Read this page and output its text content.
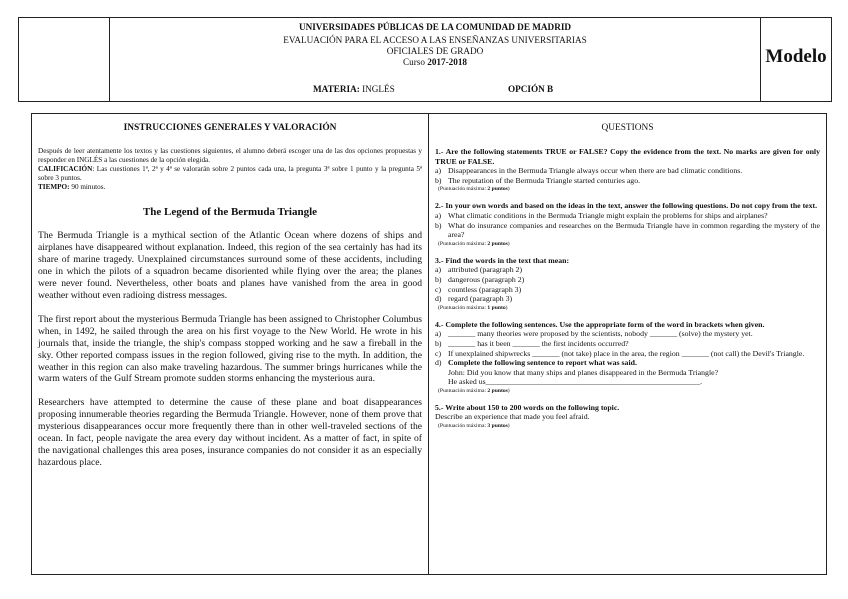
UNIVERSIDADES PÚBLICAS DE LA COMUNIDAD DE MADRID
EVALUACIÓN PARA EL ACCESO A LAS ENSEÑANZAS UNIVERSITARIAS
OFICIALES DE GRADO
Curso 2017-2018
MATERIA: INGLÉS	OPCIÓN B
Modelo
INSTRUCCIONES GENERALES Y VALORACIÓN
Después de leer atentamente los textos y las cuestiones siguientes, el alumno deberá escoger una de las dos opciones propuestas y responder en INGLÉS a las cuestiones de la opción elegida.
CALIFICACIÓN: Las cuestiones 1ª, 2ª y 4ª se valorarán sobre 2 puntos cada una, la pregunta 3ª sobre 1 punto y la pregunta 5ª sobre 3 puntos.
TIEMPO: 90 minutos.
The Legend of the Bermuda Triangle

The Bermuda Triangle is a mythical section of the Atlantic Ocean where dozens of ships and airplanes have disappeared without explanation. Indeed, this region of the sea certainly has had its share of marine tragedy. Unexplained circumstances surround some of these accidents, including one in which the pilots of a squadron became disoriented while flying over the area; the planes were never found. Nevertheless, other boats and planes have vanished from the area in good weather without even radioing distress messages.

The first report about the mysterious Bermuda Triangle has been assigned to Christopher Columbus when, in 1492, he sailed through the area on his first voyage to the New World. He wrote in his journals that, inside the triangle, the ship's compass stopped working and he saw a fireball in the sky. Other reported compass issues in the region followed, giving rise to the myth. In addition, the weather in this region can also make traveling hazardous. The summer brings hurricanes while the warm waters of the Gulf Stream promote sudden storms enhancing the mysterious aura.

Researchers have attempted to determine the cause of these plane and boat disappearances proposing innumerable theories regarding the Bermuda Triangle. However, none of them prove that mysterious disappearances occur more frequently there than in other well-traveled sections of the ocean. In fact, people navigate the area every day without incident. As a matter of fact, in spite of the navigational challenges this area poses, insurance companies do not consider it as an especially hazardous place.

QUESTIONS
1.- Are the following statements TRUE or FALSE? Copy the evidence from the text. No marks are given for only TRUE or FALSE.
a) Disappearances in the Bermuda Triangle always occur when there are bad climatic conditions.
b) The reputation of the Bermuda Triangle started centuries ago.
(Puntuación máxima: 2 puntos)
2.- In your own words and based on the ideas in the text, answer the following questions. Do not copy from the text.
a) What climatic conditions in the Bermuda Triangle might explain the problems for ships and airplanes?
b) What do insurance companies and researches on the Bermuda Triangle have in common regarding the mystery of the area?
(Puntuación máxima: 2 puntos)
3.- Find the words in the text that mean:
a) attributed (paragraph 2)
b) dangerous (paragraph 2)
c) countless (paragraph 3)
d) regard (paragraph 3)
(Puntuación máxima: 1 punto)
4.- Complete the following sentences. Use the appropriate form of the word in brackets when given.
a) _______ many theories were proposed by the scientists, nobody _______ (solve) the mystery yet.
b) _______ has it been _______ the first incidents occurred?
c) If unexplained shipwrecks _______ (not take) place in the area, the region _______ (not call) the Devil's Triangle.
d) Complete the following sentence to report what was said.
John: Did you know that many ships and planes disappeared in the Bermuda Triangle?
He asked us_______________________________________________________.
(Puntuación máxima: 2 puntos)
5.- Write about 150 to 200 words on the following topic.
Describe an experience that made you feel afraid.
(Puntuación máxima: 3 puntos)
